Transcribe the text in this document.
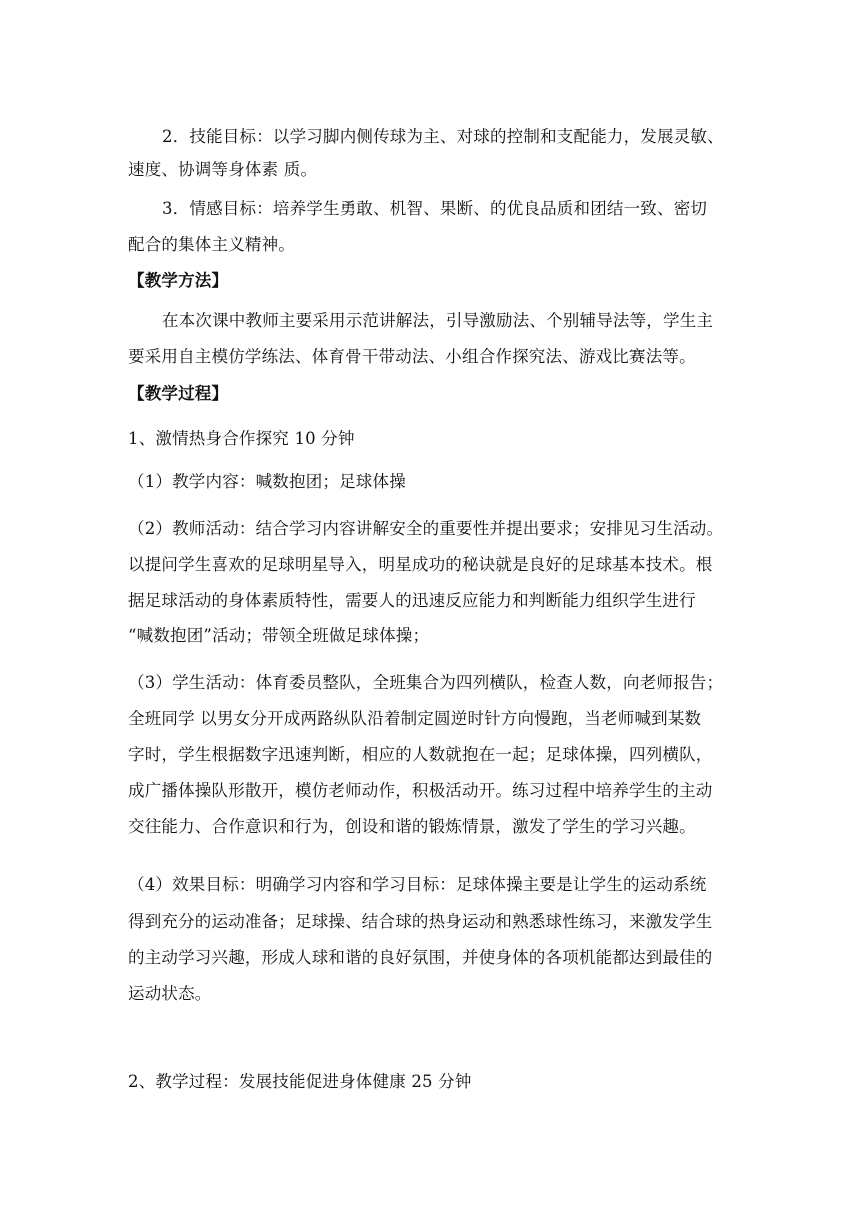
2．技能目标：以学习脚内侧传球为主、对球的控制和支配能力，发展灵敏、
速度、协调等身体素 质。
3．情感目标：培养学生勇敢、机智、果断、的优良品质和团结一致、密切
配合的集体主义精神。
【教学方法】
在本次课中教师主要采用示范讲解法，引导激励法、个别辅导法等，学生主
要采用自主模仿学练法、体育骨干带动法、小组合作探究法、游戏比赛法等。
【教学过程】
1、激情热身合作探究 10 分钟
（1）教学内容：喊数抱团；足球体操
（2）教师活动：结合学习内容讲解安全的重要性并提出要求；安排见习生活动。
以提问学生喜欢的足球明星导入，明星成功的秘诀就是良好的足球基本技术。根
据足球活动的身体素质特性，需要人的迅速反应能力和判断能力组织学生进行
“喊数抱团”活动；带领全班做足球体操；
（3）学生活动：体育委员整队，全班集合为四列横队，检查人数，向老师报告；
全班同学 以男女分开成两路纵队沿着制定圆逆时针方向慢跑，当老师喊到某数
字时，学生根据数字迅速判断，相应的人数就抱在一起；足球体操，四列横队，
成广播体操队形散开，模仿老师动作，积极活动开。练习过程中培养学生的主动
交往能力、合作意识和行为，创设和谐的锻炼情景，激发了学生的学习兴趣。
（4）效果目标：明确学习内容和学习目标：足球体操主要是让学生的运动系统
得到充分的运动准备；足球操、结合球的热身运动和熟悉球性练习，来激发学生
的主动学习兴趣，形成人球和谐的良好氛围，并使身体的各项机能都达到最佳的
运动状态。
2、教学过程：发展技能促进身体健康 25 分钟
